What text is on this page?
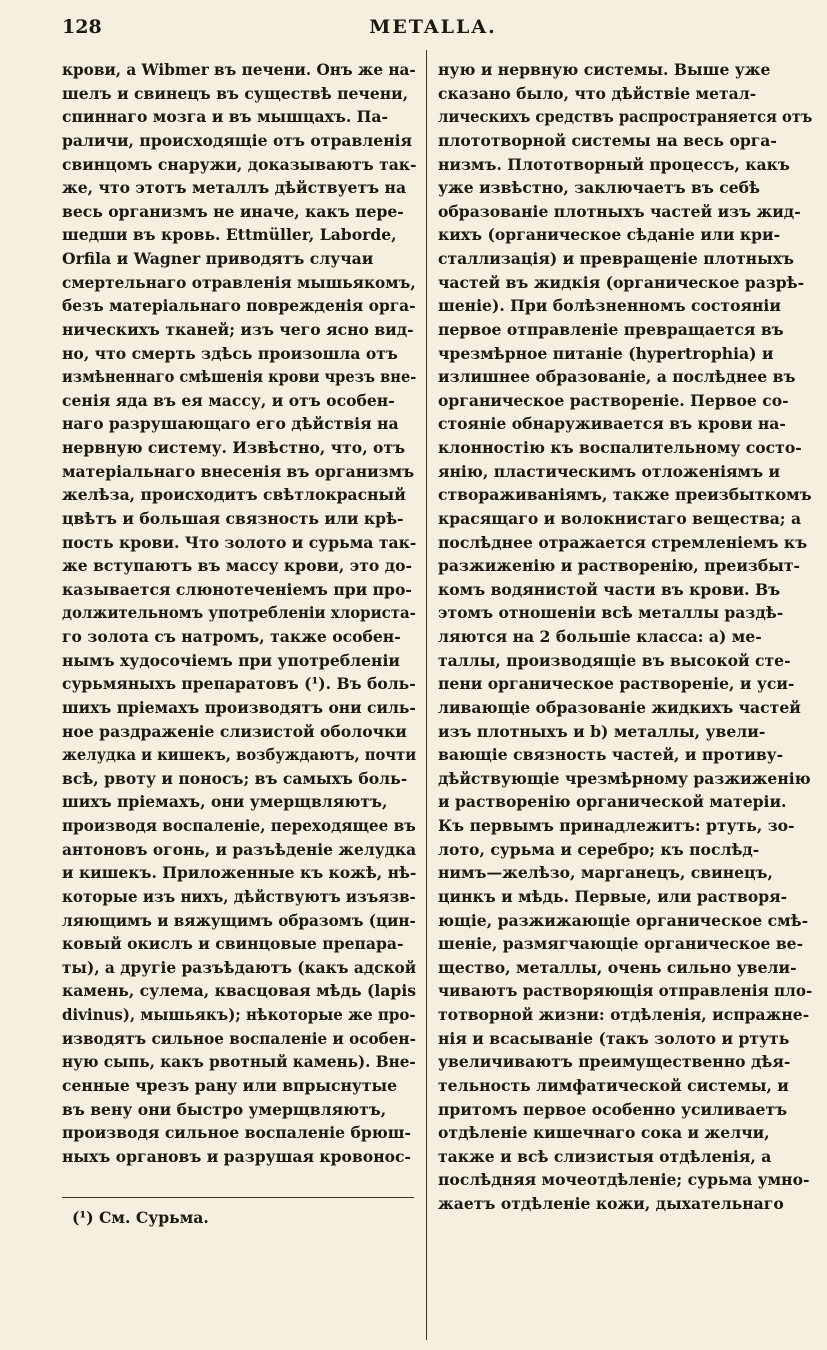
128	METALLA.
крови, а Wibmer въ печени. Онъ же на-
шелъ и свинецъ въ существѣ печени,
спиннаго мозга и въ мышцахъ. Па-
раличи, происходящіе отъ отравленія
свинцомъ снаружи, доказываютъ так-
же, что этотъ металлъ дѣйствуетъ на
весь организмъ не иначе, какъ пере-
шедши въ кровь. Ettmüller, Laborde,
Orfila и Wagner приводятъ случаи
смертельнаго отравленія мышьякомъ,
безъ матеріальнаго поврежденія орга-
ническихъ тканей; изъ чего ясно вид-
но, что смерть здѣсь произошла отъ
измѣненнаго смѣшенія крови чрезъ внe-
сенія яда въ ея массу, и отъ особен-
наго разрушающаго его дѣйствія на
нервную систему. Извѣстно, что, отъ
матеріальнаго внесенія въ организмъ
желѣза, происходитъ свѣтлокрасный
цвѣтъ и большая связность или крѣ-
пость крови. Что золото и сурьма так-
же вступаютъ въ массу крови, это до-
казывается слюнотеченіемъ при про-
должительномъ употребленіи хлориста-
го золота съ натромъ, также особен-
нымъ худосочіемъ при употребленіи
сурьмяныхъ препаратовъ (¹). Въ боль-
шихъ пріемахъ производятъ они силь-
ное раздраженіе слизистой оболочки
желудка и кишекъ, возбуждаютъ, почти
всѣ, рвоту и поносъ; въ самыхъ боль-
шихъ пріемахъ, они умерщвляютъ,
производя воспаленіе, переходящее въ
антоновъ огонь, и разъѣденіе желудка
и кишекъ. Приложенные къ кожѣ, нѣ-
которые изъ нихъ, дѣйствуютъ изъязв-
ляющимъ и вяжущимъ образомъ (цин-
ковый окислъ и свинцовые препара-
ты), а другіе разъѣдаютъ (какъ адской
камень, сулема, квасцовая мѣдь (lapis
divinus), мышьякъ); нѣкоторые же про-
изводятъ сильное воспаленіе и особен-
ную сыпь, какъ рвотный камень). Вне-
сенные чрезъ рану или впрыснутые
въ вену они быстро умерщвляютъ,
производя сильное воспаленіе брюш-
ныхъ органовъ и разрушая кровонос-
ную и нервную системы. Выше уже
сказано было, что дѣйствіе метал-
лическихъ средствъ распространяется отъ
плототворной системы на весь орга-
низмъ. Плототворный процессъ, какъ
уже извѣстно, заключаетъ въ себѣ
образованіе плотныхъ частей изъ жид-
кихъ (органическое сѣданіе или кри-
сталлизація) и превращеніе плотныхъ
частей въ жидкія (органическое разрѣ-
шеніе). При болѣзненномъ состояніи
первое отправленіе превращается въ
чрезмѣрное питаніе (hypertrophia) и
излишнее образованіе, а послѣднее въ
органическое раствореніе. Первое со-
стояніе обнаруживается въ крови на-
клонностію къ воспалительному состо-
янію, пластическимъ отложеніямъ и
створаживаніямъ, также преизбыткомъ
красящаго и волокнистаго вещества; а
послѣднее отражается стремленіемъ къ
разжиженію и раствоpенію, преизбыт-
комъ водянистой части въ крови. Въ
этомъ отношеніи всѣ металлы раздѣ-
ляются на 2 большіе класса: а) ме-
таллы, производящіе въ высокой сте-
пени органическое раствореніе, и уси-
ливающіе образованіе жидкихъ частей
изъ плотныхъ и b) металлы, увели-
вающіе связность частей, и противу-
дѣйствующіе чрезмѣрному разжиженію
и раствоpенію органической матеріи.
Къ первымъ принадлежитъ: ртуть, зо-
лото, сурьма и серебро; къ послѣд-
нимъ—желѣзо, марганецъ, свинецъ,
цинкъ и мѣдь. Первые, или растворя-
ющіе, разжижающіе органическое смѣ-
шеніе, размягчающіе органическое ве-
щество, металлы, очень сильно увели-
чиваютъ растворяющія отправленія пло-
тотворной жизни: отдѣленія, испражне-
нія и всасываніе (такъ золото и ртуть
увеличиваютъ преимущественно дѣя-
тельность лимфатической системы, и
притомъ первое особенно усиливаетъ
отдѣленіе кишечнаго сока и желчи,
также и всѣ слизистыя отдѣленія, а
послѣдняя мочеотдѣленіе; сурьма умно-
жаетъ отдѣленіе кожи, дыхательнаго
(¹) См. Сурьма.
